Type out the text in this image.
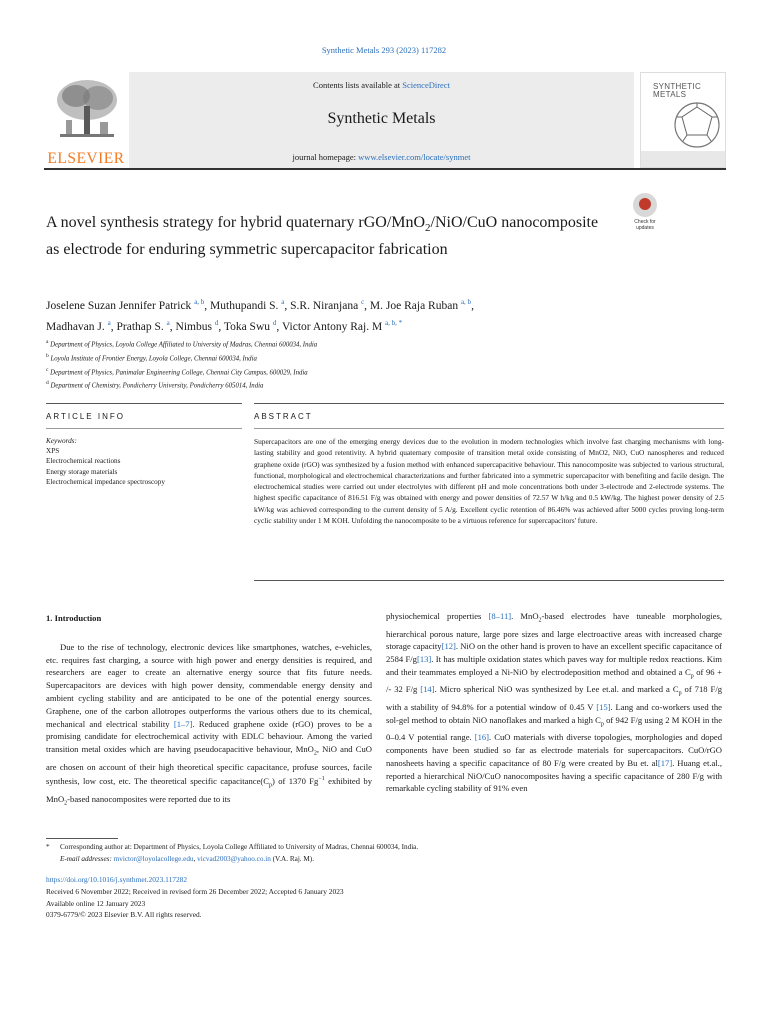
Synthetic Metals 293 (2023) 117282
ELSEVIER
Contents lists available at ScienceDirect
Synthetic Metals
journal homepage: www.elsevier.com/locate/synmet
SYNTHETIC METALS
A novel synthesis strategy for hybrid quaternary rGO/MnO$_2$/NiO/CuO nanocomposite as electrode for enduring symmetric supercapacitor fabrication
Check for updates
Joselene Suzan Jennifer Patrick $^{a, b}$, Muthupandi S. $^a$, S.R. Niranjana $^c$, M. Joe Raja Ruban $^{a, b}$,
Madhavan J. $^a$, Prathap S. $^a$, Nimbus $^d$, Toka Swu $^d$, Victor Antony Raj. M $^{a, b, *}$
$^a$ Department of Physics, Loyola College Affiliated to University of Madras, Chennai 600034, India
$^b$ Loyola Institute of Frontier Energy, Loyola College, Chennai 600034, India
$^c$ Department of Physics, Panimalar Engineering College, Chennai City Campus, 600029, India
$^d$ Department of Chemistry, Pondicherry University, Pondicherry 605014, India
ARTICLE INFO	ABSTRACT
Keywords:
XPS
Electrochemical reactions
Energy storage materials
Electrochemical impedance spectroscopy
Supercapacitors are one of the emerging energy devices due to the evolution in modern technologies which involve fast charging mechanisms with long-lasting stability and good retentivity. A hybrid quaternary composite of transition metal oxide consisting of MnO2, NiO, CuO nanospheres and reduced graphene oxide (rGO) was synthesized by a fusion method with enhanced supercapacitive behaviour. This nanocomposite was subjected to various structural, functional, morphological and electrochemical characterizations and further fabricated into a symmetric supercapacitor with benefiting and facile design. The electrochemical studies were carried out under electrolytes with different pH and mole concentrations both under 3-electrode and 2-electrode systems. The highest specific capacitance of 816.51 F/g was obtained with energy and power densities of 72.57 W h/kg and 0.5 kW/kg. The highest power density of 2.5 kW/kg was achieved corresponding to the current density of 5 A/g. Excellent cyclic retention of 86.46% was achieved after 5000 cycles proving long-term cyclic stability under 1 M KOH. Unfolding the nanocomposite to be a virtuous reference for supercapacitors' future.
1. Introduction
Due to the rise of technology, electronic devices like smartphones, watches, e-vehicles, etc. requires fast charging, a source with high power and energy densities is required, and researchers are eager to create an alternative energy source that fits future needs. Supercapacitors are devices with high power density, commendable energy density and ambient cycling stability and are anticipated to be one of the potential energy sources. Graphene, one of the carbon allotropes outperforms the various others due to its chemical, mechanical and electrical stability [1–7]. Reduced graphene oxide (rGO) proves to be a promising candidate for electrochemical activity with EDLC behaviour. Among the varied transition metal oxides which are having pseudocapacitive behaviour, MnO$_2$, NiO and CuO are chosen on account of their high theoretical specific capacitance, profuse sources, facile synthesis, low cost, etc. The theoretical specific $capacitance(C_p)$ of 1370 $Fg^{-1}$ exhibited by MnO$_2$-based nanocomposites were reported due to its
physiochemical properties [8–11]. MnO$_2$-based electrodes have tuneable morphologies, hierarchical porous nature, large pore sizes and large electroactive areas with increased charge storage capacity[12]. NiO on the other hand is proven to have an excellent specific capacitance of 2584 F/g[13]. It has multiple oxidation states which paves way for multiple redox reactions. Kim and their teammates employed a Ni-NiO by electrodeposition method and obtained a $C_p$ of 96 + /- 32 F/g [14]. Micro spherical NiO was synthesized by Lee et.al. and marked a $C_p$ of 718 F/g with a stability of 94.8% for a potential window of 0.45 V [15]. Lang and co-workers used the sol-gel method to obtain NiO nanoflakes and marked a high $C_p$ of 942 F/g using 2 M KOH in the 0–0.4 V potential range. [16]. CuO materials with diverse topologies, morphologies and doped components have been studied so far as electrode materials for supercapacitors. CuO/rGO nanosheets having a specific capacitance of 80 F/g were created by Bu et. al[17]. Huang et.al., reported a hierarchical NiO/CuO nanocomposites having a specific capacitance of 280 F/g with remarkable cycling stability of 91% even
* Corresponding author at: Department of Physics, Loyola College Affiliated to University of Madras, Chennai 600034, India.
E-mail addresses: mvictor@loyolacollege.edu, vicvad2003@yahoo.co.in (V.A. Raj. M).
https://doi.org/10.1016/j.synthmet.2023.117282
Received 6 November 2022; Received in revised form 26 December 2022; Accepted 6 January 2023
Available online 12 January 2023
0379-6779/© 2023 Elsevier B.V. All rights reserved.
